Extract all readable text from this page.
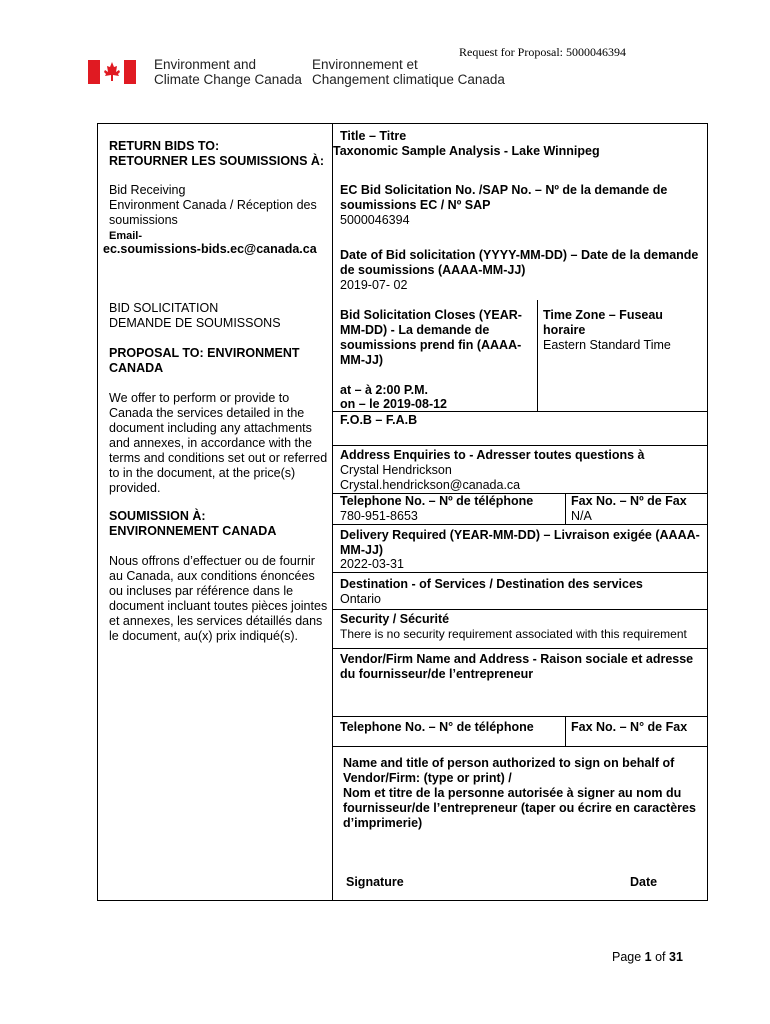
Request for Proposal: 5000046394
Environment and
Climate Change Canada
Environnement et
Changement climatique Canada
RETURN BIDS TO:
RETOURNER LES SOUMISSIONS À:
Bid Receiving
Environment Canada / Réception des
soumissions
Email-
ec.soumissions-bids.ec@canada.ca
BID SOLICITATION
DEMANDE DE SOUMISSONS
PROPOSAL TO: ENVIRONMENT
CANADA
We offer to perform or provide to
Canada the services detailed in the
document including any attachments
and annexes, in accordance with the
terms and conditions set out or referred
to in the document, at the price(s)
provided.
SOUMISSION À:
ENVIRONNEMENT CANADA
Nous offrons d’effectuer ou de fournir
au Canada, aux conditions énoncées
ou incluses par référence dans le
document incluant toutes pièces jointes
et annexes, les services détaillés dans
le document, au(x) prix indiqué(s).
Title – Titre
Taxonomic Sample Analysis - Lake Winnipeg
EC Bid Solicitation No. /SAP No. – Nº de la demande de
soumissions EC / Nº SAP
5000046394
Date of Bid solicitation (YYYY-MM-DD) – Date de la demande
de soumissions (AAAA-MM-JJ)
2019-07- 02
Bid Solicitation Closes (YEAR-
MM-DD) - La demande de
soumissions prend fin (AAAA-
MM-JJ)
Time Zone – Fuseau
horaire
Eastern Standard Time
at – à 2:00 P.M.
on – le 2019-08-12
F.O.B – F.A.B
Address Enquiries to - Adresser toutes questions à
Crystal Hendrickson
Crystal.hendrickson@canada.ca
Telephone No. – Nº de téléphone
780-951-8653
Fax No. – Nº de Fax
N/A
Delivery Required (YEAR-MM-DD) – Livraison exigée (AAAA-
MM-JJ)
2022-03-31
Destination - of Services / Destination des services
Ontario
Security / Sécurité
There is no security requirement associated with this requirement
Vendor/Firm Name and Address - Raison sociale et adresse
du fournisseur/de l’entrepreneur
Telephone No. – N° de téléphone	Fax No. – N° de Fax
Name and title of person authorized to sign on behalf of
Vendor/Firm: (type or print) /
Nom et titre de la personne autorisée à signer au nom du
fournisseur/de l’entrepreneur (taper ou écrire en caractères
d’imprimerie)
Signature	Date
Page 1 of 31
